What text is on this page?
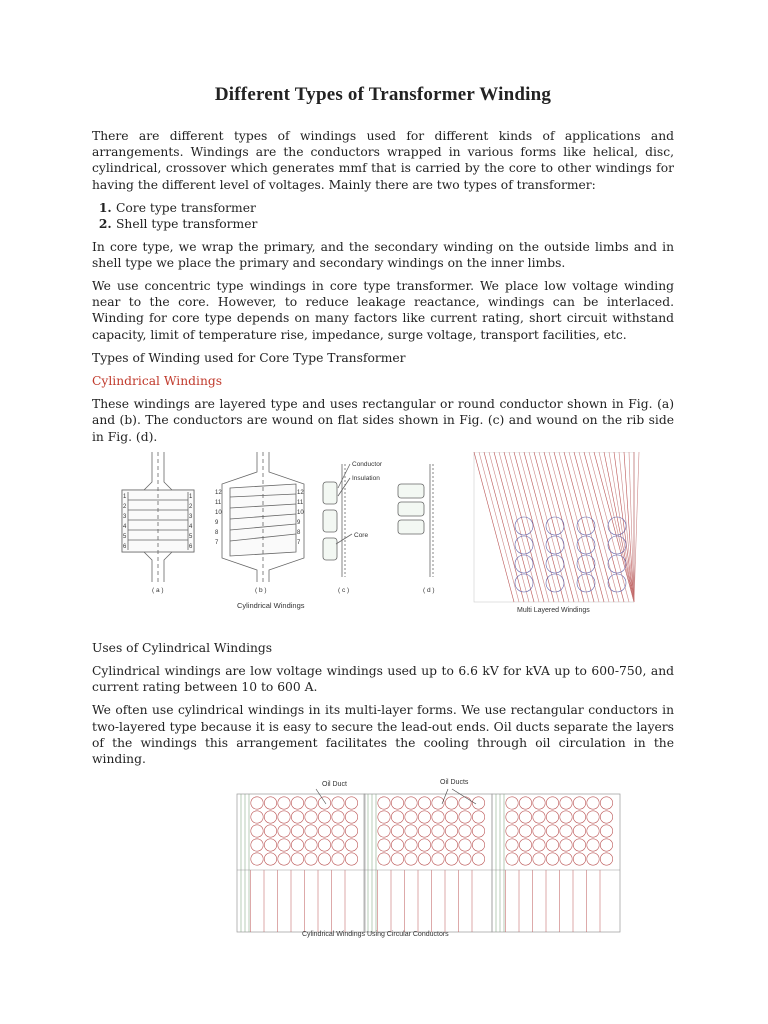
Different Types of Transformer Winding

There are different types of windings used for different kinds of applications and arrangements. Windings are the conductors wrapped in various forms like helical, disc, cylindrical, crossover which generates mmf that is carried by the core to other windings for having the different level of voltages. Mainly there are two types of transformer:

1. Core type transformer
2. Shell type transformer

In core type, we wrap the primary, and the secondary winding on the outside limbs and in shell type we place the primary and secondary windings on the inner limbs.

We use concentric type windings in core type transformer. We place low voltage winding near to the core. However, to reduce leakage reactance, windings can be interlaced. Winding for core type depends on many factors like current rating, short circuit withstand capacity, limit of temperature rise, impedance, surge voltage, transport facilities, etc.

Types of Winding used for Core Type Transformer

Cylindrical Windings

These windings are layered type and uses rectangular or round conductor shown in Fig. (a) and (b). The conductors are wound on flat sides shown in Fig. (c) and wound on the rib side in Fig. (d).

1
2
3
4
5
6
1
2
3
4
5
6
( a )
12
11
10
9
8
7
12
11
10
9
8
7
( b )
Cylindrical Windings
Conductor
Insulation
Core
( c )	( d )
Multi Layered Windings

Uses of Cylindrical Windings

Cylindrical windings are low voltage windings used up to 6.6 kV for kVA up to 600-750, and current rating between 10 to 600 A.

We often use cylindrical windings in its multi-layer forms. We use rectangular conductors in two-layered type because it is easy to secure the lead-out ends. Oil ducts separate the layers of the windings this arrangement facilitates the cooling through oil circulation in the winding.

Oil Duct	Oil Ducts
Cylindrical Windings Using Circular Conductors
